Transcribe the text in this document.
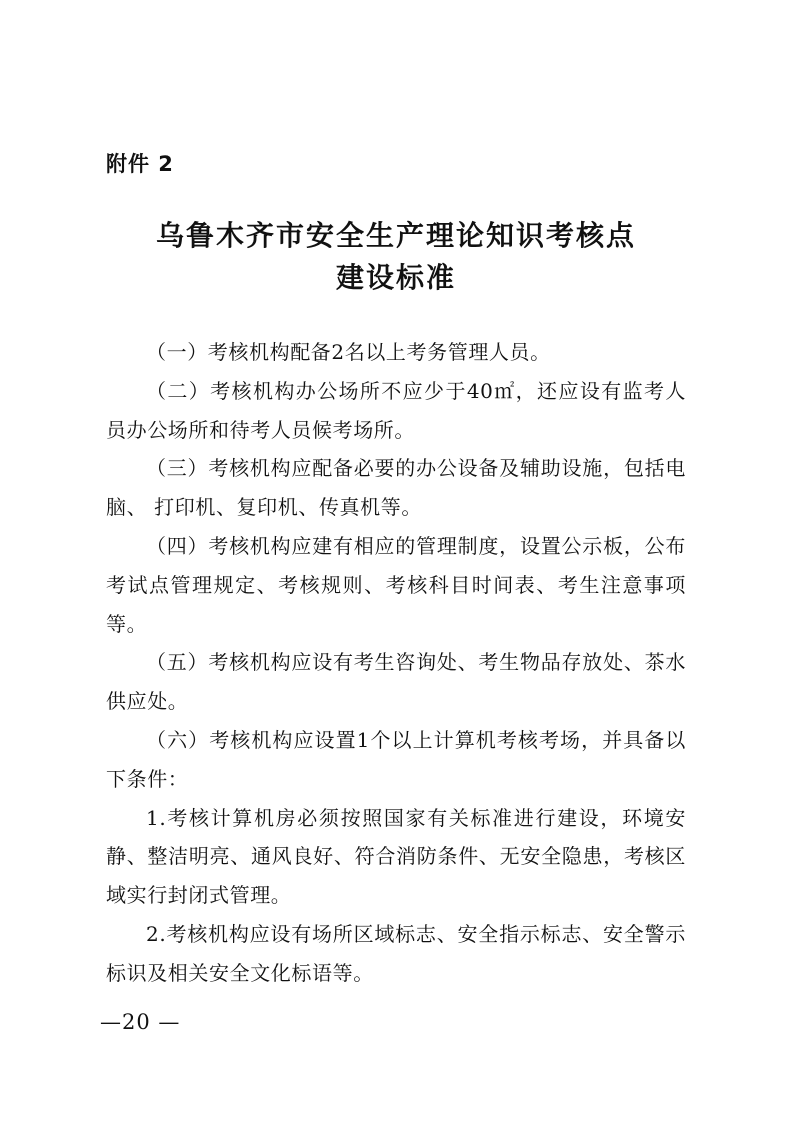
附件 2
乌鲁木齐市安全生产理论知识考核点
建设标准

（一）考核机构配备2名以上考务管理人员。

（二）考核机构办公场所不应少于40㎡，还应设有监考人员办公场所和待考人员候考场所。

（三）考核机构应配备必要的办公设备及辅助设施，包括电脑、 打印机、复印机、传真机等。

（四）考核机构应建有相应的管理制度，设置公示板，公布考试点管理规定、考核规则、考核科目时间表、考生注意事项等。

（五）考核机构应设有考生咨询处、考生物品存放处、茶水供应处。

（六）考核机构应设置1个以上计算机考核考场，并具备以下条件：

1.考核计算机房必须按照国家有关标准进行建设，环境安静、整洁明亮、通风良好、符合消防条件、无安全隐患，考核区域实行封闭式管理。

2.考核机构应设有场所区域标志、安全指示标志、安全警示标识及相关安全文化标语等。

—20 —
